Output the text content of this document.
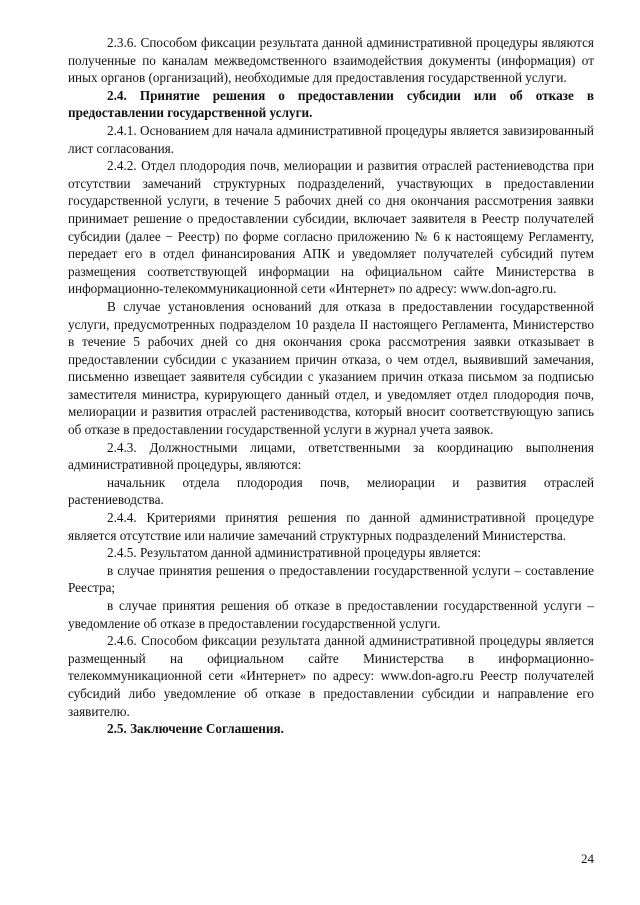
2.3.6. Способом фиксации результата данной административной процедуры являются полученные по каналам межведомственного взаимодействия документы (информация) от иных органов (организаций), необходимые для предоставления государственной услуги.

2.4. Принятие решения о предоставлении субсидии или об отказе в предоставлении государственной услуги.

2.4.1. Основанием для начала административной процедуры является завизированный лист согласования.

2.4.2. Отдел плодородия почв, мелиорации и развития отраслей растениеводства при отсутствии замечаний структурных подразделений, участвующих в предоставлении государственной услуги, в течение 5 рабочих дней со дня окончания рассмотрения заявки принимает решение о предоставлении субсидии, включает заявителя в Реестр получателей субсидии (далее − Реестр) по форме согласно приложению № 6 к настоящему Регламенту, передает его в отдел финансирования АПК и уведомляет получателей субсидий путем размещения соответствующей информации на официальном сайте Министерства в информационно-телекоммуникационной сети «Интернет» по адресу: www.don-agro.ru.

В случае установления оснований для отказа в предоставлении государственной услуги, предусмотренных подразделом 10 раздела II настоящего Регламента, Министерство в течение 5 рабочих дней со дня окончания срока рассмотрения заявки отказывает в предоставлении субсидии с указанием причин отказа, о чем отдел, выявивший замечания, письменно извещает заявителя субсидии с указанием причин отказа письмом за подписью заместителя министра, курирующего данный отдел, и уведомляет отдел плодородия почв, мелиорации и развития отраслей растениводства, который вносит соответствующую запись об отказе в предоставлении государственной услуги в журнал учета заявок.

2.4.3. Должностными лицами, ответственными за координацию выполнения административной процедуры, являются:

начальник отдела плодородия почв, мелиорации и развития отраслей растениеводства.

2.4.4. Критериями принятия решения по данной административной процедуре является отсутствие или наличие замечаний структурных подразделений Министерства.

2.4.5. Результатом данной административной процедуры является:

в случае принятия решения о предоставлении государственной услуги – составление Реестра;

в случае принятия решения об отказе в предоставлении государственной услуги – уведомление об отказе в предоставлении государственной услуги.

2.4.6. Способом фиксации результата данной административной процедуры является размещенный на официальном сайте Министерства в информационно-телекоммуникационной сети «Интернет» по адресу: www.don-agro.ru Реестр получателей субсидий либо уведомление об отказе в предоставлении субсидии и направление его заявителю.

2.5. Заключение Соглашения.

24
